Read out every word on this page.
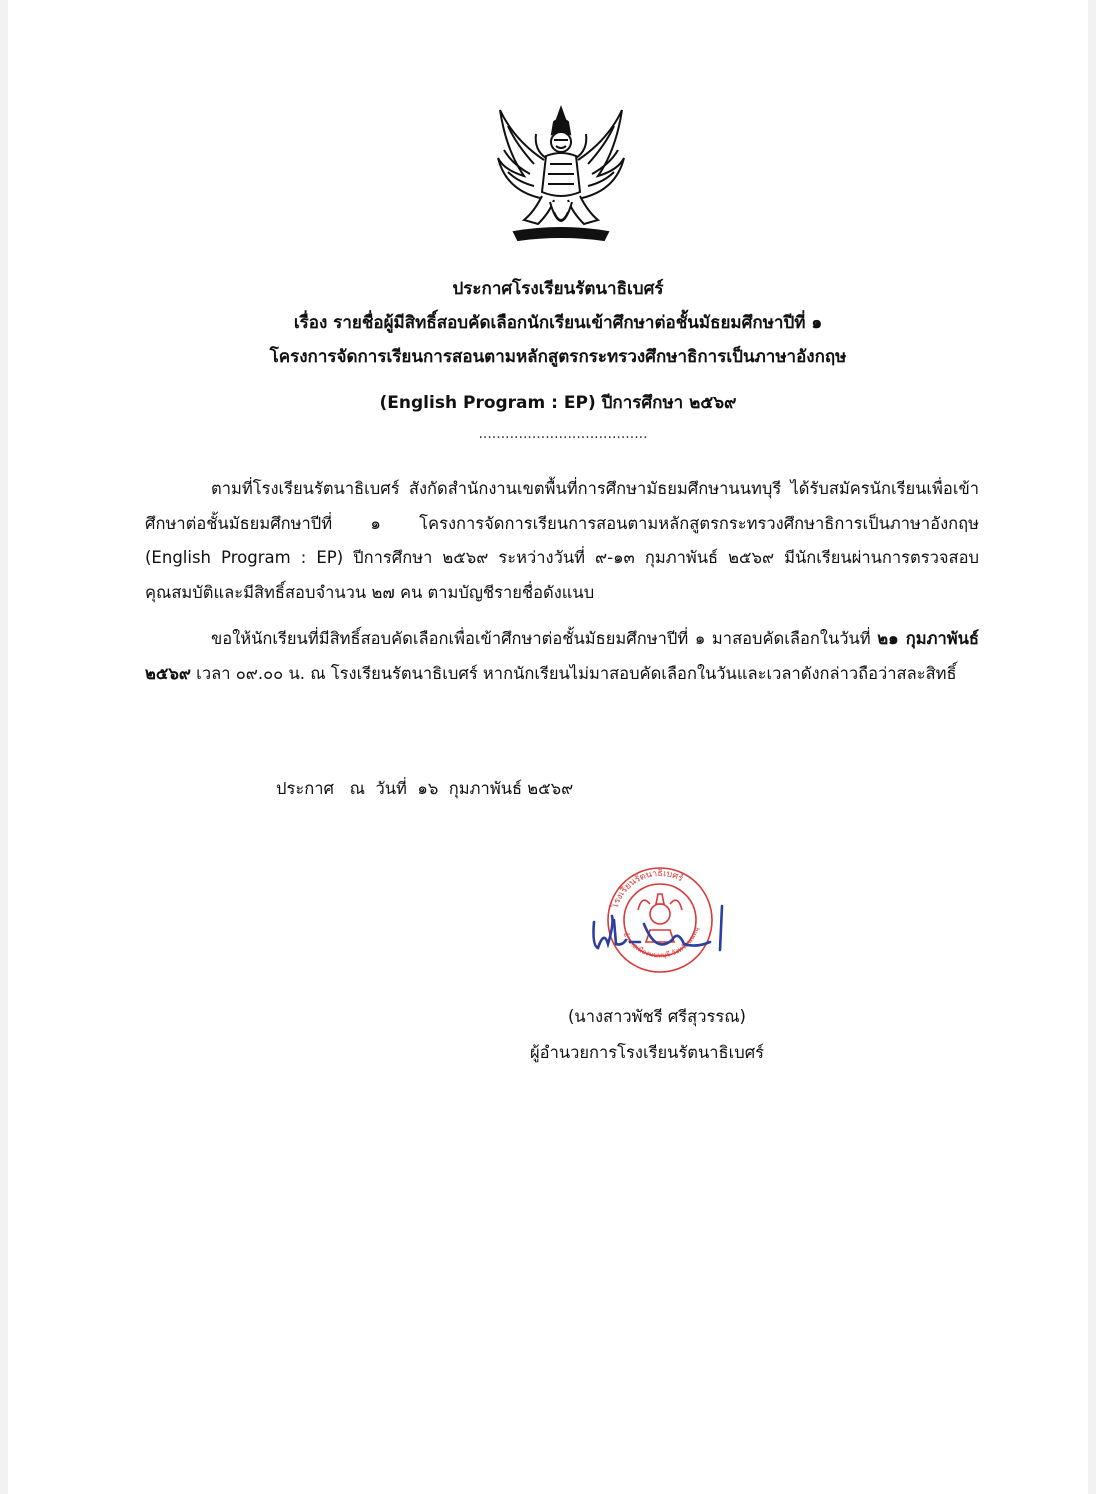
ประกาศโรงเรียนรัตนาธิเบศร์
เรื่อง รายชื่อผู้มีสิทธิ์สอบคัดเลือกนักเรียนเข้าศึกษาต่อชั้นมัธยมศึกษาปีที่ ๑
โครงการจัดการเรียนการสอนตามหลักสูตรกระทรวงศึกษาธิการเป็นภาษาอังกฤษ
(English Program : EP) ปีการศึกษา ๒๕๖๙
......................................
ตามที่โรงเรียนรัตนาธิเบศร์ สังกัดสำนักงานเขตพื้นที่การศึกษามัธยมศึกษานนทบุรี ได้รับสมัครนักเรียนเพื่อเข้าศึกษาต่อชั้นมัธยมศึกษาปีที่ ๑ โครงการจัดการเรียนการสอนตามหลักสูตรกระทรวงศึกษาธิการเป็นภาษาอังกฤษ (English Program : EP) ปีการศึกษา ๒๕๖๙ ระหว่างวันที่ ๙-๑๓ กุมภาพันธ์ ๒๕๖๙ มีนักเรียนผ่านการตรวจสอบคุณสมบัติและมีสิทธิ์สอบจำนวน ๒๗ คน ตามบัญชีรายชื่อดังแนบ
ขอให้นักเรียนที่มีสิทธิ์สอบคัดเลือกเพื่อเข้าศึกษาต่อชั้นมัธยมศึกษาปีที่ ๑ มาสอบคัดเลือกในวันที่ ๒๑ กุมภาพันธ์ ๒๕๖๙ เวลา ๐๙.๐๐ น. ณ โรงเรียนรัตนาธิเบศร์ หากนักเรียนไม่มาสอบคัดเลือกในวันและเวลาดังกล่าวถือว่าสละสิทธิ์
ประกาศ   ณ  วันที่  ๑๖  กุมภาพันธ์ ๒๕๖๙
โรงเรียนรัตนาธิเบศร์
อำเภอเมืองนนทบุรี จังหวัดนนทบุ
(นางสาวพัชรี ศรีสุวรรณ)
ผู้อำนวยการโรงเรียนรัตนาธิเบศร์
